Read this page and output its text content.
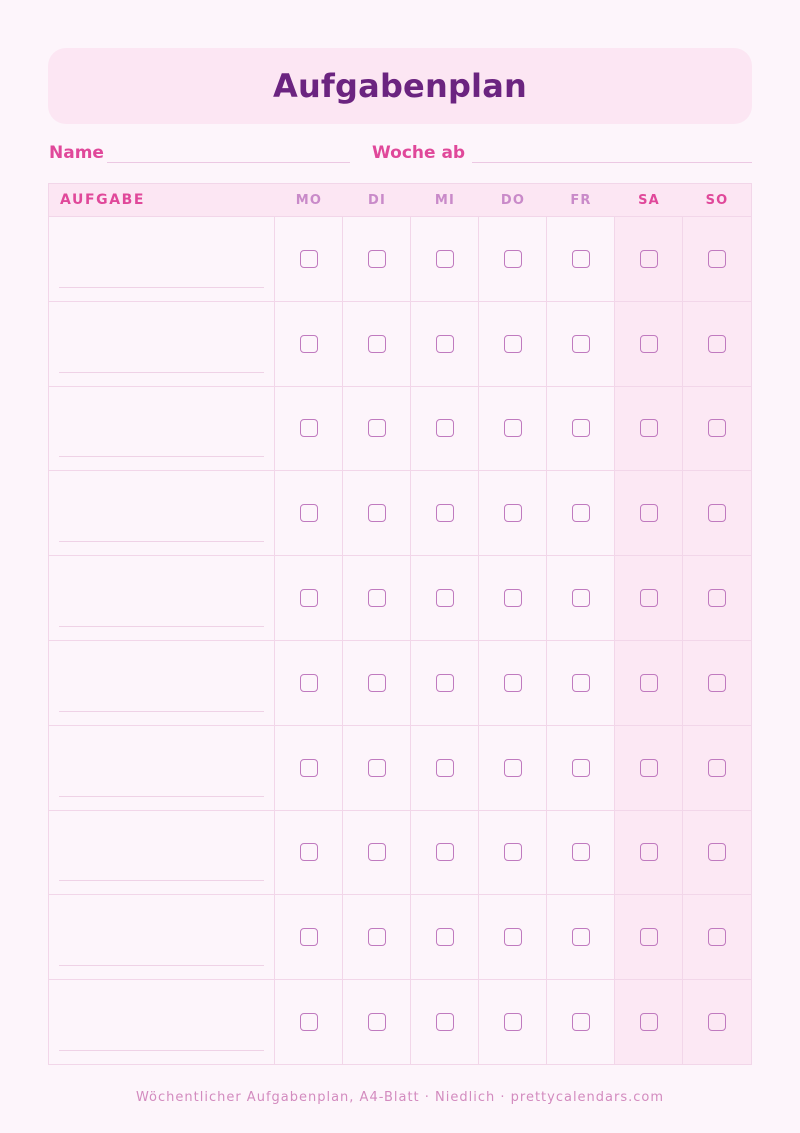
Aufgabenplan
Name	Woche ab
AUFGABE	MO	DI	MI	DO	FR	SA	SO
Wöchentlicher Aufgabenplan, A4-Blatt · Niedlich · prettycalendars.com
